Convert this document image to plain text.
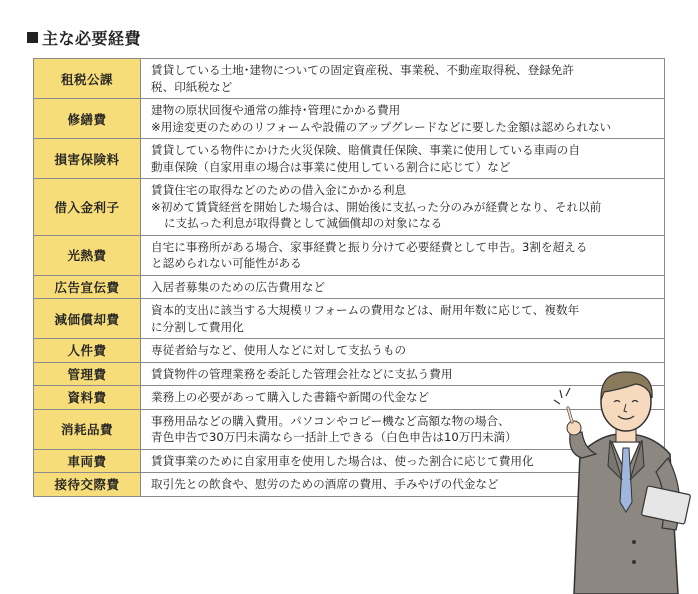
主な必要経費
租税公課	賃貸している土地･建物についての固定資産税、事業税、不動産取得税、登録免許
税、印紙税など

修繕費	建物の原状回復や通常の維持･管理にかかる費用
※用途変更のためのリフォームや設備のアップグレードなどに要した金額は認められない

損害保険料	賃貸している物件にかけた火災保険、賠償責任保険、事業に使用している車両の自
動車保険（自家用車の場合は事業に使用している割合に応じて）など

借入金利子	賃貸住宅の取得などのための借入金にかかる利息
※初めて賃貸経営を開始した場合は、開始後に支払った分のみが経費となり、それ以前
に支払った利息が取得費として減価償却の対象になる

光熱費	自宅に事務所がある場合、家事経費と振り分けて必要経費として申告。3割を超える
と認められない可能性がある

広告宣伝費	入居者募集のための広告費用など

減価償却費	資本的支出に該当する大規模リフォームの費用などは、耐用年数に応じて、複数年
に分割して費用化

人件費	専従者給与など、使用人などに対して支払うもの

管理費	賃貸物件の管理業務を委託した管理会社などに支払う費用

資料費	業務上の必要があって購入した書籍や新聞の代金など

消耗品費	事務用品などの購入費用。パソコンやコピー機など高額な物の場合、
青色申告で30万円未満なら一括計上できる（白色申告は10万円未満）

車両費	賃貸事業のために自家用車を使用した場合は、使った割合に応じて費用化

接待交際費	取引先との飲食や、慰労のための酒席の費用、手みやげの代金など
